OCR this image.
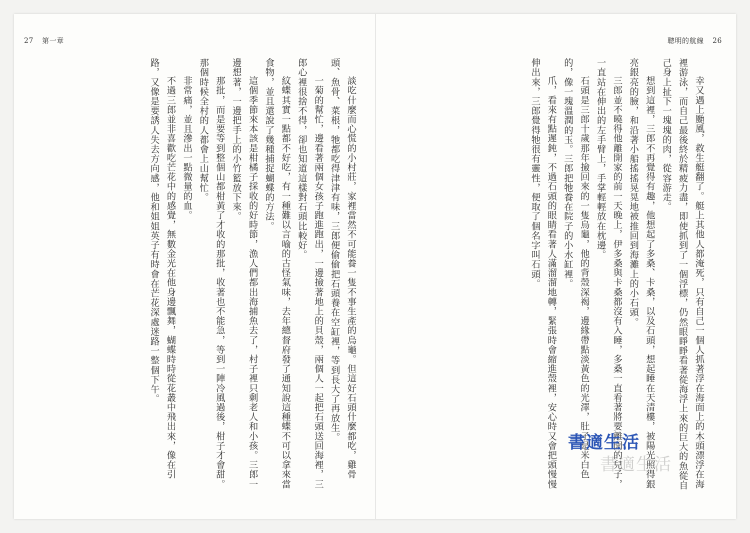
27 第一章	聰明的航線 26

幸又遇上颱風，救生艇翻了。艇上其他人都淹死，只有自己一個人抓著浮在海面上的木頭漂浮在海裡游泳，而自己最後終於精疲力盡，即使抓到了一個浮標，仍然眼睜睜看著從海浮上來的巨大的魚從自己身上扯下一塊塊的肉，從容游走。

想到這裡，三郎不再覺得有趣，他想起了多桑、卡桑，以及石頭，想起睡在天清樓，被陽光照得銀亮銀亮的臉，和沿著小船搖搖晃晃地被推回到海灘上的小石頭。

三郎並不曉得他離開家的前一天晚上，伊多桑與卡桑都沒有入睡，多桑一直看著將要離開的兒子，一直站在伸出的左手臂上，手掌輕輕放在枕邊。

石頭是三郎十歲那年撿回來的一隻烏龜，他的背殼深褐，邊緣帶點淡黃色的光澤，肚子是米白色的，像一塊溫潤的玉。三郎把牠養在院子的小水缸裡。

爪，看來有點遲鈍，不過石頭的眼睛看著人滿溜溜地轉，緊張時會縮進殼裡，安心時又會把頭慢慢伸出來，三郎覺得牠很有靈性，便取了個名字叫石頭。

談吃什麼而心慌的小村莊，家裡當然不可能養一隻不事生產的烏龜。但這好石頭什麼都吃，雞骨頭、魚骨、菜根，牠都吃得津津有味，三郎便偷偷把石頭養在空缸裡，等到長大了再放生。

一菊的幫忙，邊看著兩個女孩子跑進跑出，一邊撿著地上的貝殼，兩個人一起把石頭送回海裡，三郎心裡很捨不得，卻也知道這樣對石頭比較好。

紋蝶其實一點都不好吃，有一種難以言喻的古怪氣味，去年總督府發了通知說這種蝶不可以拿來當食物，並且還說了幾種捕捉蝴蝶的方法。

這個季節來本該是柑橘子採收的好時節，漁人們都出海捕魚去了，村子裡只剩老人和小孩。三郎一邊想著，一邊把手上的小竹籃放下來。

那批，而是要等到整個山都柑黃了才收的那批，收著也不能急，等到一陣冷風過後，柑子才會甜。那個時候全村的人都會上山幫忙。

非常痛，並且滲出一點微量的血。

不過三郎並非喜歡吃芒花中的感覺，無數金光在他身邊飄舞，蝴蝶時時從花叢中飛出來，像在引路，又像是要誘人失去方向感，他和姐姐英子有時會在芒花深處迷路一整個下午。

書適生活
書適生活
